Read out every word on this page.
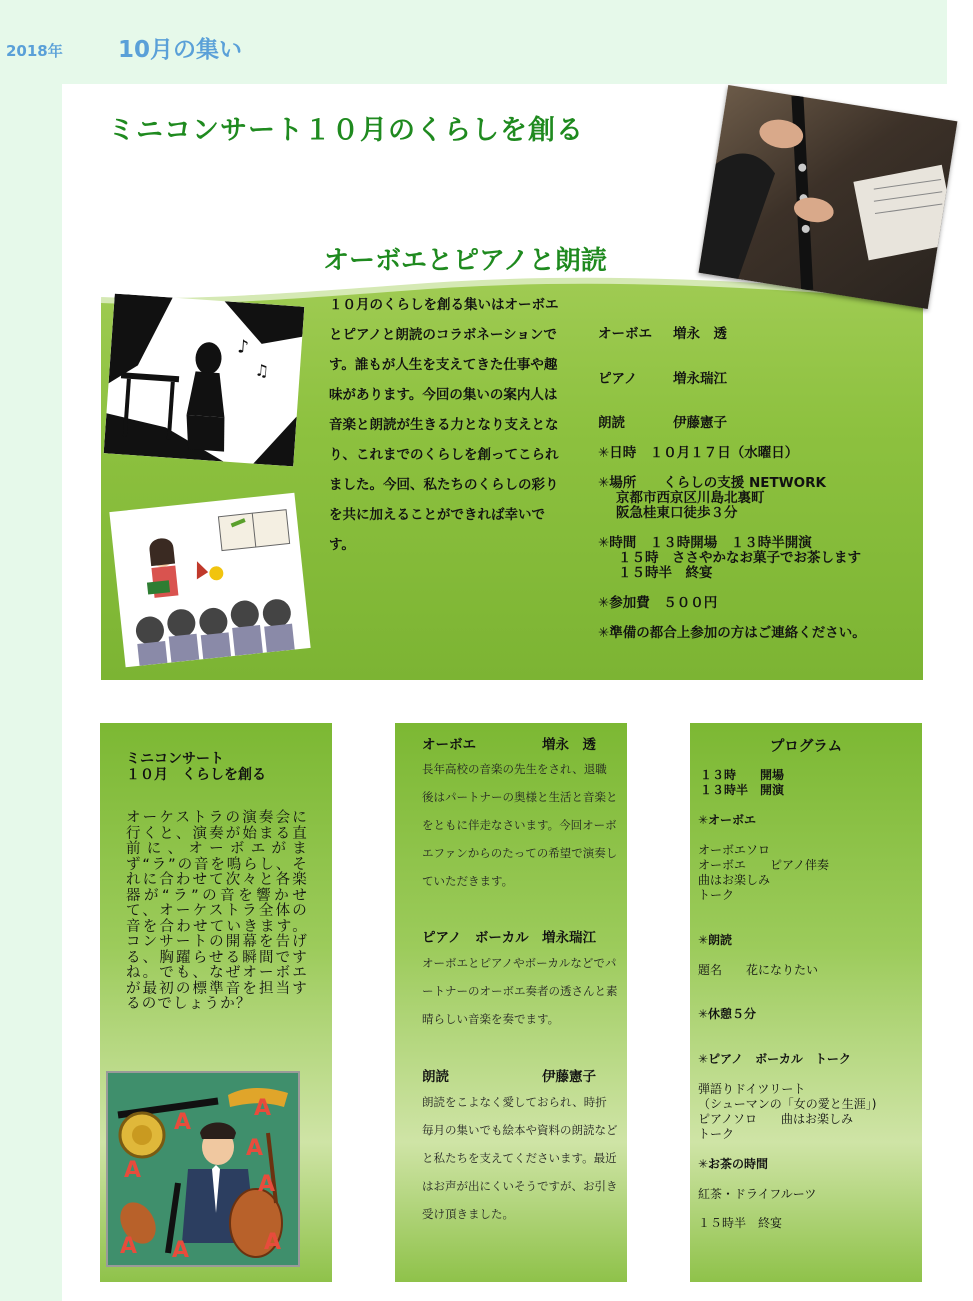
2018年 10月の集い
ミニコンサート１０月のくらしを創る
オーボエとピアノと朗読
♪
♫
１０月のくらしを創る集いはオーボエとピアノと朗読のコラボネーションです。誰もが人生を支えてきた仕事や趣味があります。今回の集いの案内人は音楽と朗読が生きる力となり支えとなり、これまでのくらしを創ってこられました。今回、私たちのくらしの彩りを共に加えることができれば幸いです。
オーボエ 増永　透
ピアノ	増永瑞江
朗読	伊藤憲子
✳日時　１０月１７日（水曜日）
✳場所　　くらしの支援 NETWORK
京都市西京区川島北裏町
阪急桂東口徒歩３分
✳時間　１３時開場　１３時半開演
１５時　ささやかなお菓子でお茶します
１５時半　終宴
✳参加費　５００円
✳準備の都合上参加の方はご連絡ください。
ミニコンサート
１０月　くらしを創る
オーケストラの演奏会に行くと、演奏が始まる直前に、オーボエがまず“ラ”の音を鳴らし、それに合わせて次々と各楽器が“ラ”の音を響かせて、オーケストラ全体の音を合わせていきます。コンサートの開幕を告げる、胸躍らせる瞬間ですね。でも、なぜオーボエが最初の標準音を担当するのでしょうか？
A
A
A
A
A
A
A A
オーボエ	増永　透
長年高校の音楽の先生をされ、退職後はパートナーの奥様と生活と音楽とをともに伴走なさいます。今回オーボエファンからのたっての希望で演奏していただきます。
ピアノ　ボーカル 増永瑞江
オーボエとピアノやボーカルなどでパートナーのオーボエ奏者の透さんと素晴らしい音楽を奏でます。
朗読	伊藤憲子
朗読をこよなく愛しておられ、時折毎月の集いでも絵本や資料の朗読などと私たちを支えてくださいます。最近はお声が出にくいそうですが、お引き受け頂きました。
プログラム
１３時　　開場
１３時半　開演
✳オーボエ
オーボエソロ
オーボエ　　ピアノ伴奏
曲はお楽しみ
トーク
✳朗読
題名　　花になりたい
✳休憩５分
✳ピアノ　ボーカル　トーク
弾語りドイツリート
（シューマンの「女の愛と生涯」)
ピアノソロ　　曲はお楽しみ
トーク
✳お茶の時間
紅茶・ドライフルーツ
１５時半　終宴
